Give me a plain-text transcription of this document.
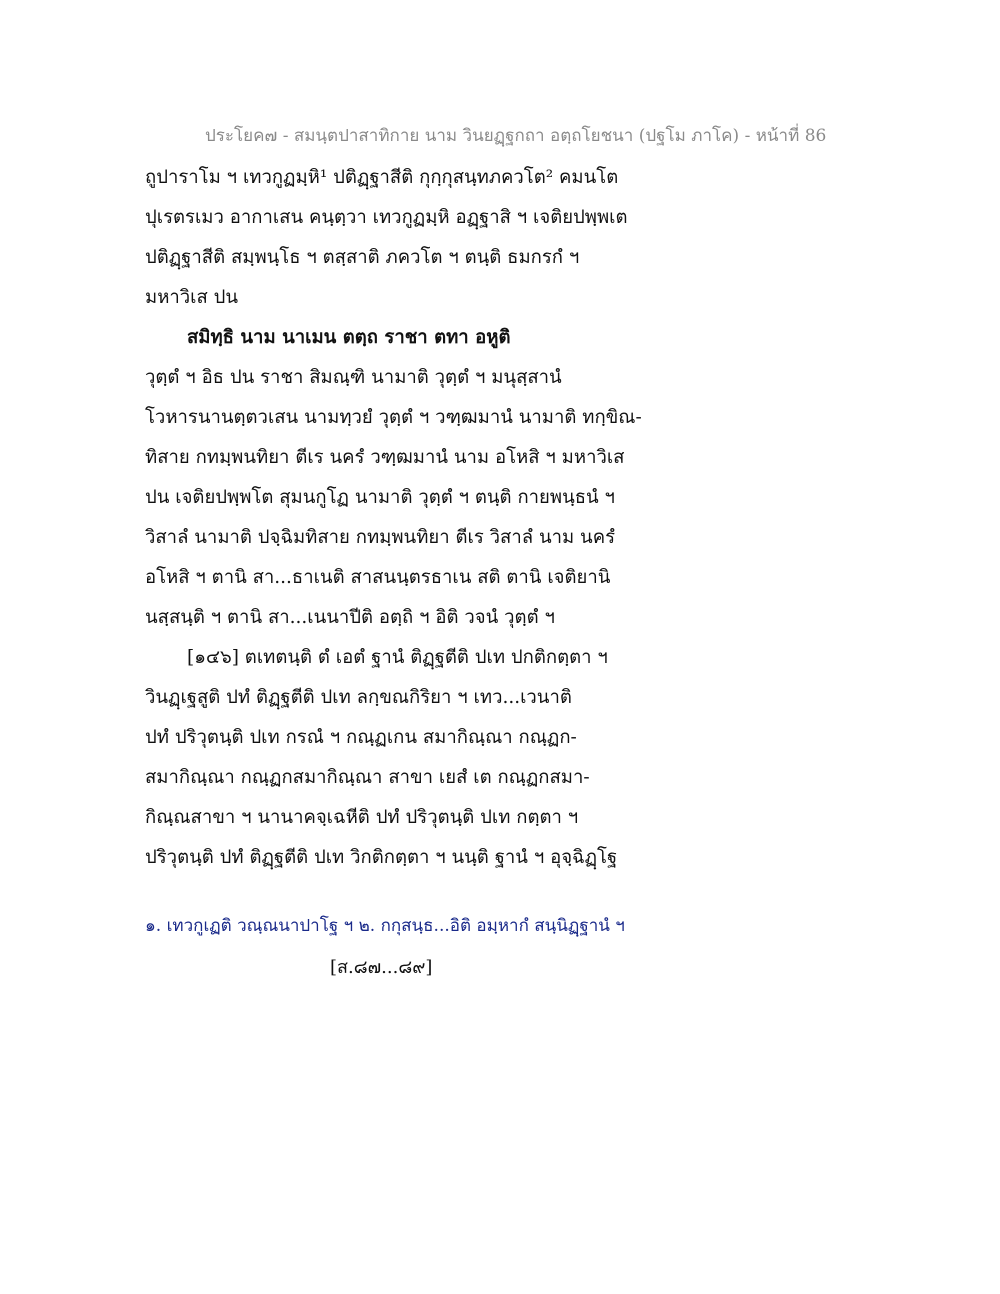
ประโยค๗ - สมนฺตปาสาทิกาย นาม วินยฏฺฐกถา อตฺถโยชนา (ปฐโม ภาโค) - หน้าที่ 86
ถูปาราโม ฯ เทวกูฏมฺหิ¹ ปติฏฺฐาสีติ กุกฺกุสนฺทภควโต² คมนโต
ปุเรตรเมว อากาเสน คนฺตฺวา เทวกูฏมฺหิ อฏฺฐาสิ ฯ เจติยปพฺพเต
ปติฏฺฐาสีติ สมฺพนฺโธ ฯ ตสฺสาติ ภควโต ฯ ตนฺติ ธมกรกํ ฯ
มหาวิเส ปน
สมิทฺธิ นาม นาเมน ตตฺถ ราชา ตทา อหูติ
วุตฺตํ ฯ อิธ ปน ราชา สิมณฺฑิ นามาติ วุตฺตํ ฯ มนุสฺสานํ
โวหารนานตฺตวเสน นามทฺวยํ วุตฺตํ ฯ วฑฺฒมานํ นามาติ ทกฺขิณ-
ทิสาย กทมฺพนทิยา ตีเร นครํ วฑฺฒมานํ นาม อโหสิ ฯ มหาวิเส
ปน เจติยปพฺพโต สุมนกูโฏ นามาติ วุตฺตํ ฯ ตนฺติ กายพนฺธนํ ฯ
วิสาลํ นามาติ ปจฺฉิมทิสาย กทมฺพนทิยา ตีเร วิสาลํ นาม นครํ
อโหสิ ฯ ตานิ สา...ธาเนติ สาสนนฺตรธาเน สติ ตานิ เจติยานิ
นสฺสนฺติ ฯ ตานิ สา...เนนาปีติ อตฺถิ ฯ อิติ วจนํ วุตฺตํ ฯ
[๑๔๖] ตเทตนฺติ ตํ เอตํ ฐานํ ติฏฺฐตีติ ปเท ปกติกตฺตา ฯ
วินฏฺเฐสูติ ปทํ ติฏฺฐตีติ ปเท ลกฺขณกิริยา ฯ เทว...เวนาติ
ปทํ ปริวุตนฺติ ปเท กรณํ ฯ กณฺฏเกน สมากิณฺณา กณฺฏก-
สมากิณฺณา กณฺฏกสมากิณฺณา สาขา เยสํ เต กณฺฏกสมา-
กิณฺณสาขา ฯ นานาคจฺเฉหีติ ปทํ ปริวุตนฺติ ปเท กตฺตา ฯ
ปริวุตนฺติ ปทํ ติฏฺฐตีติ ปเท วิกติกตฺตา ฯ นนฺติ ฐานํ ฯ อุจฺฉิฏฺโฐ
๑. เทวกูเฏติ วณฺณนาปาโฐ ฯ ๒. กกุสนฺธ...อิติ อมฺหากํ สนฺนิฏฺฐานํ ฯ
[ส.๘๗...๘๙]
